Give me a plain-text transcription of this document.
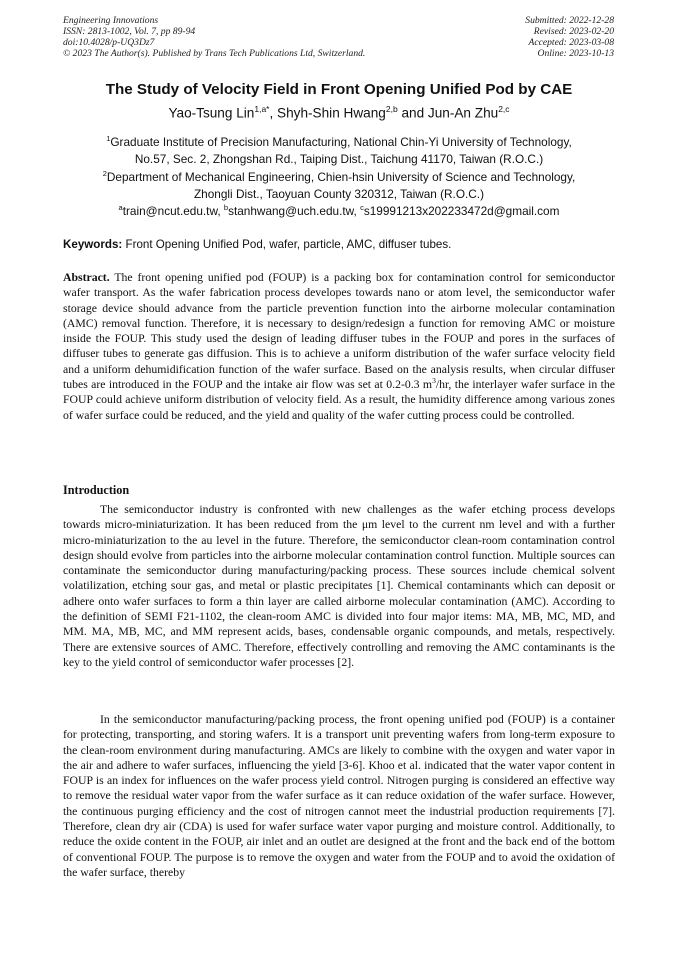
Engineering Innovations
ISSN: 2813-1002, Vol. 7, pp 89-94
doi:10.4028/p-UQ3Dz7
© 2023 The Author(s). Published by Trans Tech Publications Ltd, Switzerland.
Submitted: 2022-12-28
Revised: 2023-02-20
Accepted: 2023-03-08
Online: 2023-10-13
The Study of Velocity Field in Front Opening Unified Pod by CAE
Yao-Tsung Lin$^{1,a*}$, Shyh-Shin Hwang$^{2,b}$ and Jun-An Zhu$^{2,c}$
$^1$Graduate Institute of Precision Manufacturing, National Chin-Yi University of Technology,
No.57, Sec. 2, Zhongshan Rd., Taiping Dist., Taichung 41170, Taiwan (R.O.C.)
$^2$Department of Mechanical Engineering, Chien-hsin University of Science and Technology,
Zhongli Dist., Taoyuan County 320312, Taiwan (R.O.C.)
$^a$train@ncut.edu.tw, $^b$stanhwang@uch.edu.tw, $^c$s19991213x202233472d@gmail.com
Keywords: Front Opening Unified Pod, wafer, particle, AMC, diffuser tubes.
Abstract. The front opening unified pod (FOUP) is a packing box for contamination control for semiconductor wafer transport. As the wafer fabrication process developes towards nano or atom level, the semiconductor wafer storage device should advance from the particle prevention function into the airborne molecular contamination (AMC) removal function. Therefore, it is necessary to design/redesign a function for removing AMC or moisture inside the FOUP. This study used the design of leading diffuser tubes in the FOUP and pores in the surfaces of diffuser tubes to generate gas diffusion. This is to achieve a uniform distribution of the wafer surface velocity field and a uniform dehumidification function of the wafer surface. Based on the analysis results, when circular diffuser tubes are introduced in the FOUP and the intake air flow was set at 0.2-0.3 $m^3/hr$, the interlayer wafer surface in the FOUP could achieve uniform distribution of velocity field. As a result, the humidity difference among various zones of wafer surface could be reduced, and the yield and quality of the wafer cutting process could be controlled.
Introduction
The semiconductor industry is confronted with new challenges as the wafer etching process develops towards micro-miniaturization. It has been reduced from the μm level to the current nm level and with a further micro-miniaturization to the au level in the future. Therefore, the semiconductor clean-room contamination control design should evolve from particles into the airborne molecular contamination control function. Multiple sources can contaminate the semiconductor during manufacturing/packing process. These sources include chemical solvent volatilization, etching sour gas, and metal or plastic precipitates [1]. Chemical contaminants which can deposit or adhere onto wafer surfaces to form a thin layer are called airborne molecular contamination (AMC). According to the definition of SEMI F21-1102, the clean-room AMC is divided into four major items: MA, MB, MC, MD, and MM. MA, MB, MC, and MM represent acids, bases, condensable organic compounds, and metals, respectively. There are extensive sources of AMC. Therefore, effectively controlling and removing the AMC contaminants is the key to the yield control of semiconductor wafer processes [2].
In the semiconductor manufacturing/packing process, the front opening unified pod (FOUP) is a container for protecting, transporting, and storing wafers. It is a transport unit preventing wafers from long-term exposure to the clean-room environment during manufacturing. AMCs are likely to combine with the oxygen and water vapor in the air and adhere to wafer surfaces, influencing the yield [3-6]. Khoo et al. indicated that the water vapor content in FOUP is an index for influences on the wafer process yield control. Nitrogen purging is considered an effective way to remove the residual water vapor from the wafer surface as it can reduce oxidation of the wafer surface. However, the continuous purging efficiency and the cost of nitrogen cannot meet the industrial production requirements [7]. Therefore, clean dry air (CDA) is used for wafer surface water vapor purging and moisture control. Additionally, to reduce the oxide content in the FOUP, air inlet and an outlet are designed at the front and the back end of the bottom of conventional FOUP. The purpose is to remove the oxygen and water from the FOUP and to avoid the oxidation of the wafer surface, thereby
